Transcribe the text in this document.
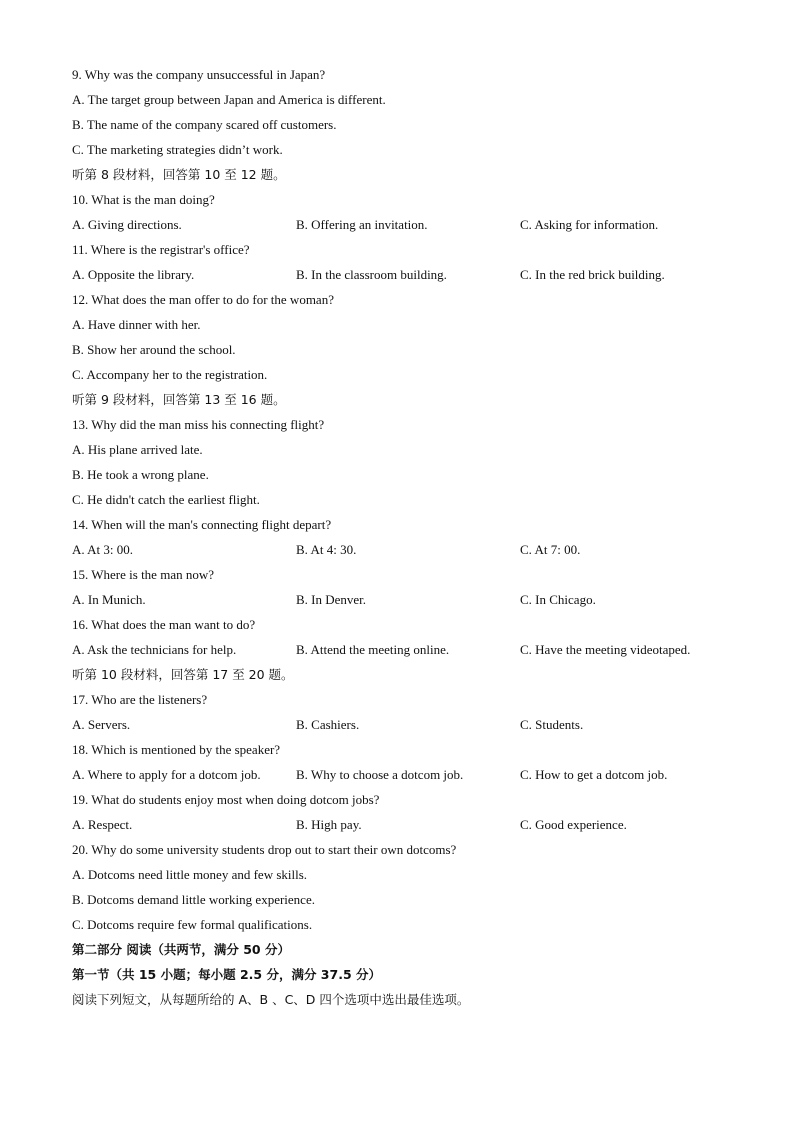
9. Why was the company unsuccessful in Japan?
A. The target group between Japan and America is different.
B. The name of the company scared off customers.
C. The marketing strategies didn’t work.
听第 8 段材料，回答第 10 至 12 题。
10. What is the man doing?
A. Giving directions.	B. Offering an invitation.	C. Asking for information.
11. Where is the registrar's office?
A. Opposite the library.	B. In the classroom building.	C. In the red brick building.
12. What does the man offer to do for the woman?
A. Have dinner with her.
B. Show her around the school.
C. Accompany her to the registration.
听第 9 段材料，回答第 13 至 16 题。
13. Why did the man miss his connecting flight?
A. His plane arrived late.
B. He took a wrong plane.
C. He didn't catch the earliest flight.
14. When will the man's connecting flight depart?
A. At 3: 00.	B. At 4: 30.	C. At 7: 00.
15. Where is the man now?
A. In Munich.	B. In Denver.	C. In Chicago.
16. What does the man want to do?
A. Ask the technicians for help.	B. Attend the meeting online.	C. Have the meeting videotaped.
听第 10 段材料，回答第 17 至 20 题。
17. Who are the listeners?
A. Servers.	B. Cashiers.	C. Students.
18. Which is mentioned by the speaker?
A. Where to apply for a dotcom job.	B. Why to choose a dotcom job.	C. How to get a dotcom job.
19. What do students enjoy most when doing dotcom jobs?
A. Respect.	B. High pay.	C. Good experience.
20. Why do some university students drop out to start their own dotcoms?
A. Dotcoms need little money and few skills.
B. Dotcoms demand little working experience.
C. Dotcoms require few formal qualifications.
第二部分 阅读（共两节，满分 50 分）
第一节（共 15 小题；每小题 2.5 分，满分 37.5 分）
阅读下列短文，从每题所给的 A、B 、C、D 四个选项中选出最佳选项。
